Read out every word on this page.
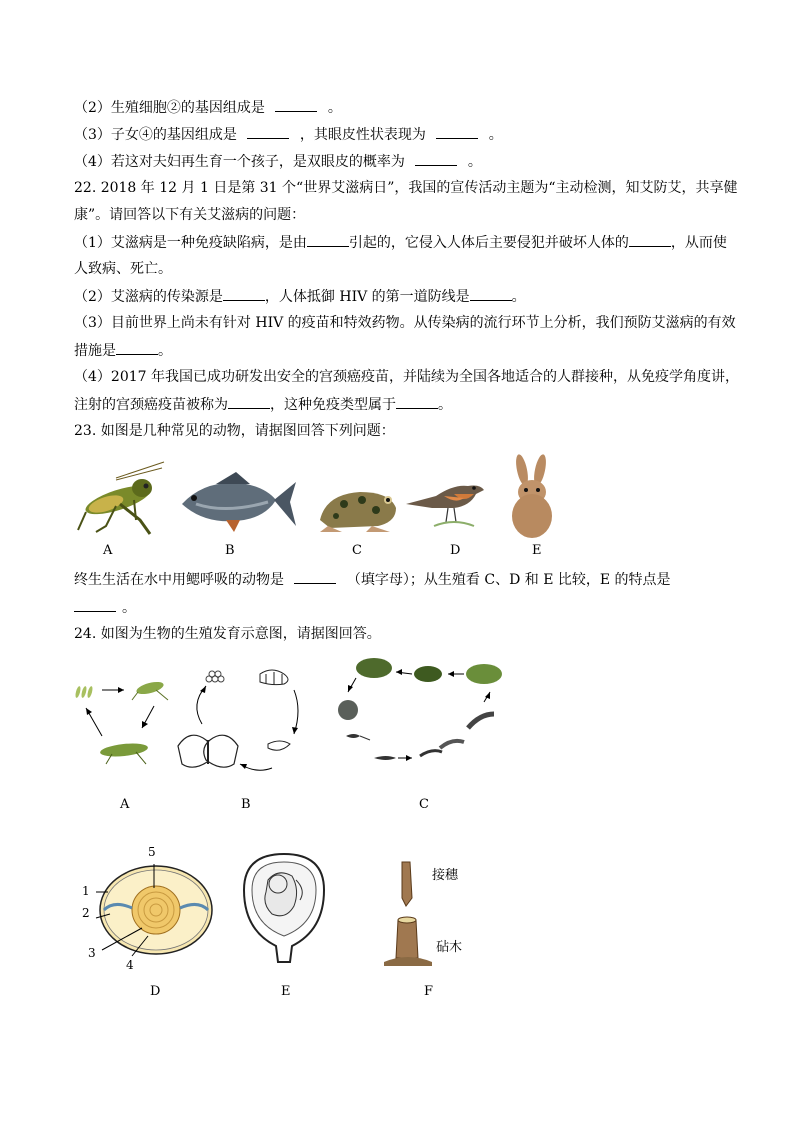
（2）生殖细胞②的基因组成是	。
（3）子女④的基因组成是	，其眼皮性状表现为	。
（4）若这对夫妇再生育一个孩子，是双眼皮的概率为	。
22. 2018 年 12 月 1 日是第 31 个“世界艾滋病日”，我国的宣传活动主题为“主动检测，知艾防艾，共享健
康”。请回答以下有关艾滋病的问题：
（1）艾滋病是一种免疫缺陷病，是由	引起的，它侵入人体后主要侵犯并破坏人体的	，从而使
人致病、死亡。
（2）艾滋病的传染源是	，人体抵御 HIV 的第一道防线是	。
（3）目前世界上尚未有针对 HIV 的疫苗和特效药物。从传染病的流行环节上分析，我们预防艾滋病的有效
措施是	。
（4）2017 年我国已成功研发出安全的宫颈癌疫苗，并陆续为全国各地适合的人群接种，从免疫学角度讲，
注射的宫颈癌疫苗被称为	，这种免疫类型属于	。
23. 如图是几种常见的动物，请据图回答下列问题：
A	B	C	D	E
终生生活在水中用鳃呼吸的动物是	（填字母）；从生殖看 C、D 和 E 比较，E 的特点是
。
24. 如图为生物的生殖发育示意图，请据图回答。
A	B	C
5
1
2
3
4
E
D
接穗
砧木
F
